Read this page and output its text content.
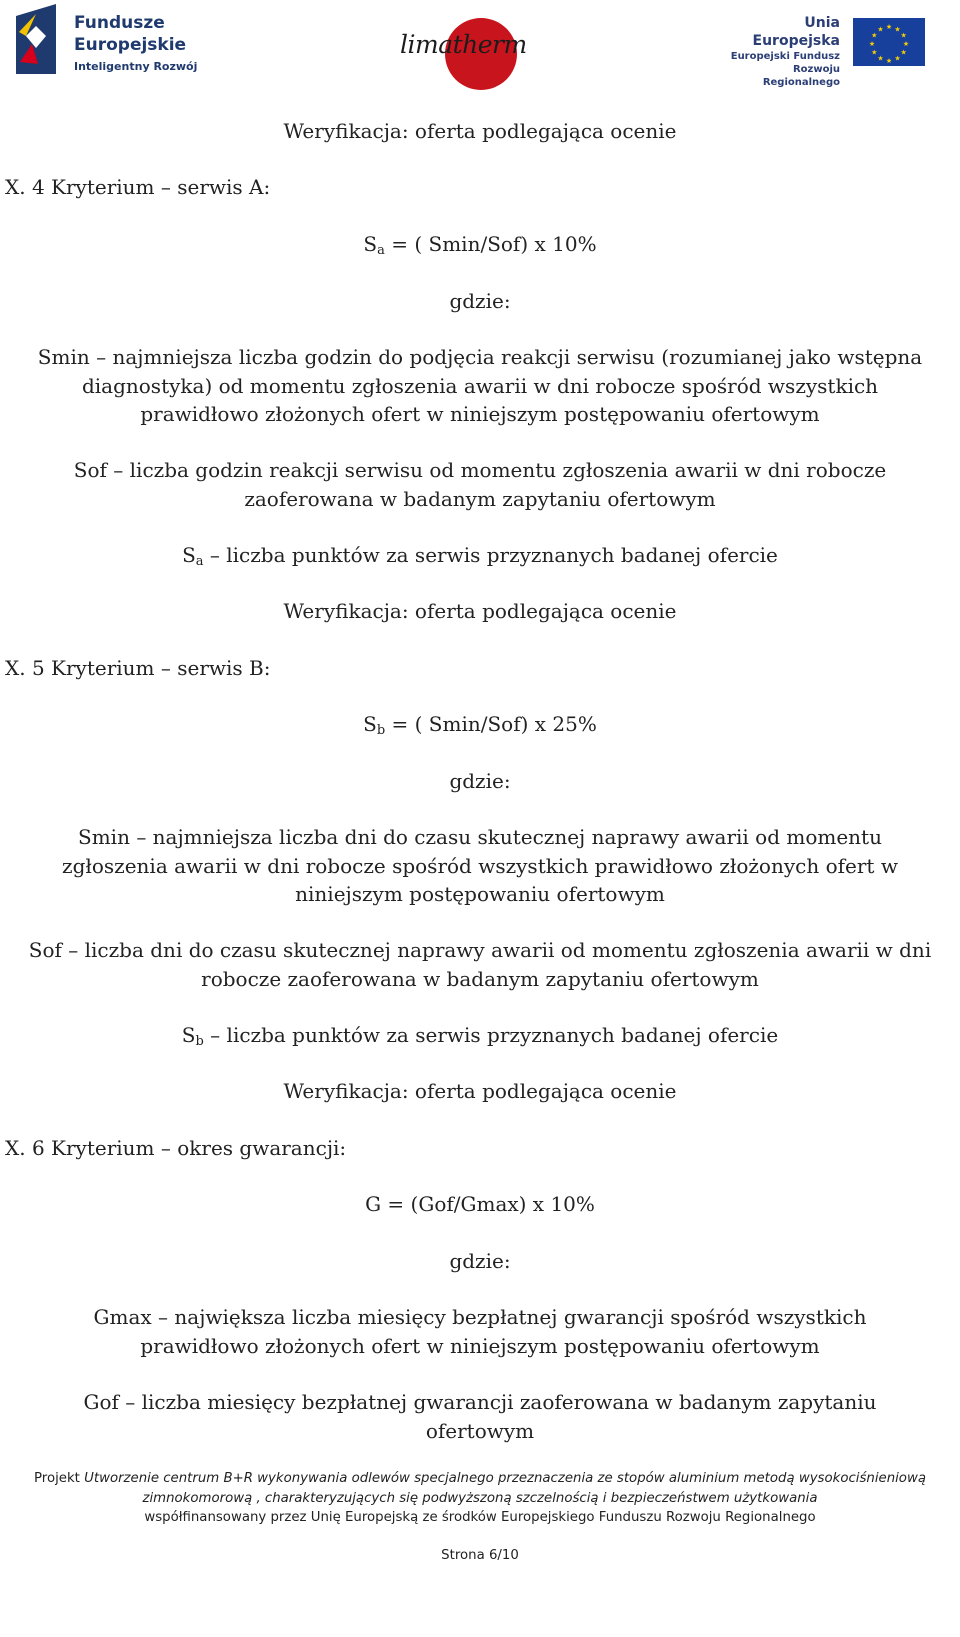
Fundusze
Europejskie
Inteligentny Rozwój
limatherm
Unia Europejska
Europejski Fundusz
Rozwoju Regionalnego
★ ★
★
★
★
★
★
★
★
★
★
★
Weryfikacja: oferta podlegająca ocenie
X. 4 Kryterium – serwis A:
$S_a$ = ( Smin/Sof) x 10%
gdzie:
Smin – najmniejsza liczba godzin do podjęcia reakcji serwisu (rozumianej jako wstępna
diagnostyka) od momentu zgłoszenia awarii w dni robocze spośród wszystkich
prawidłowo złożonych ofert w niniejszym postępowaniu ofertowym
Sof – liczba godzin reakcji serwisu od momentu zgłoszenia awarii w dni robocze
zaoferowana w badanym zapytaniu ofertowym
$S_a$ – liczba punktów za serwis przyznanych badanej ofercie
Weryfikacja: oferta podlegająca ocenie
X. 5 Kryterium – serwis B:
$S_b$ = ( Smin/Sof) x 25%
gdzie:
Smin – najmniejsza liczba dni do czasu skutecznej naprawy awarii od momentu
zgłoszenia awarii w dni robocze spośród wszystkich prawidłowo złożonych ofert w
niniejszym postępowaniu ofertowym
Sof – liczba dni do czasu skutecznej naprawy awarii od momentu zgłoszenia awarii w dni
robocze zaoferowana w badanym zapytaniu ofertowym
$S_b$ – liczba punktów za serwis przyznanych badanej ofercie
Weryfikacja: oferta podlegająca ocenie
X. 6 Kryterium – okres gwarancji:
G = (Gof/Gmax) x 10%
gdzie:
Gmax – największa liczba miesięcy bezpłatnej gwarancji spośród wszystkich
prawidłowo złożonych ofert w niniejszym postępowaniu ofertowym
Gof – liczba miesięcy bezpłatnej gwarancji zaoferowana w badanym zapytaniu
ofertowym
Projekt Utworzenie centrum B+R wykonywania odlewów specjalnego przeznaczenia ze stopów aluminium metodą wysokociśnieniową
zimnokomorową , charakteryzujących się podwyższoną szczelnością i bezpieczeństwem użytkowania
współfinansowany przez Unię Europejską ze środków Europejskiego Funduszu Rozwoju Regionalnego
Strona 6/10
